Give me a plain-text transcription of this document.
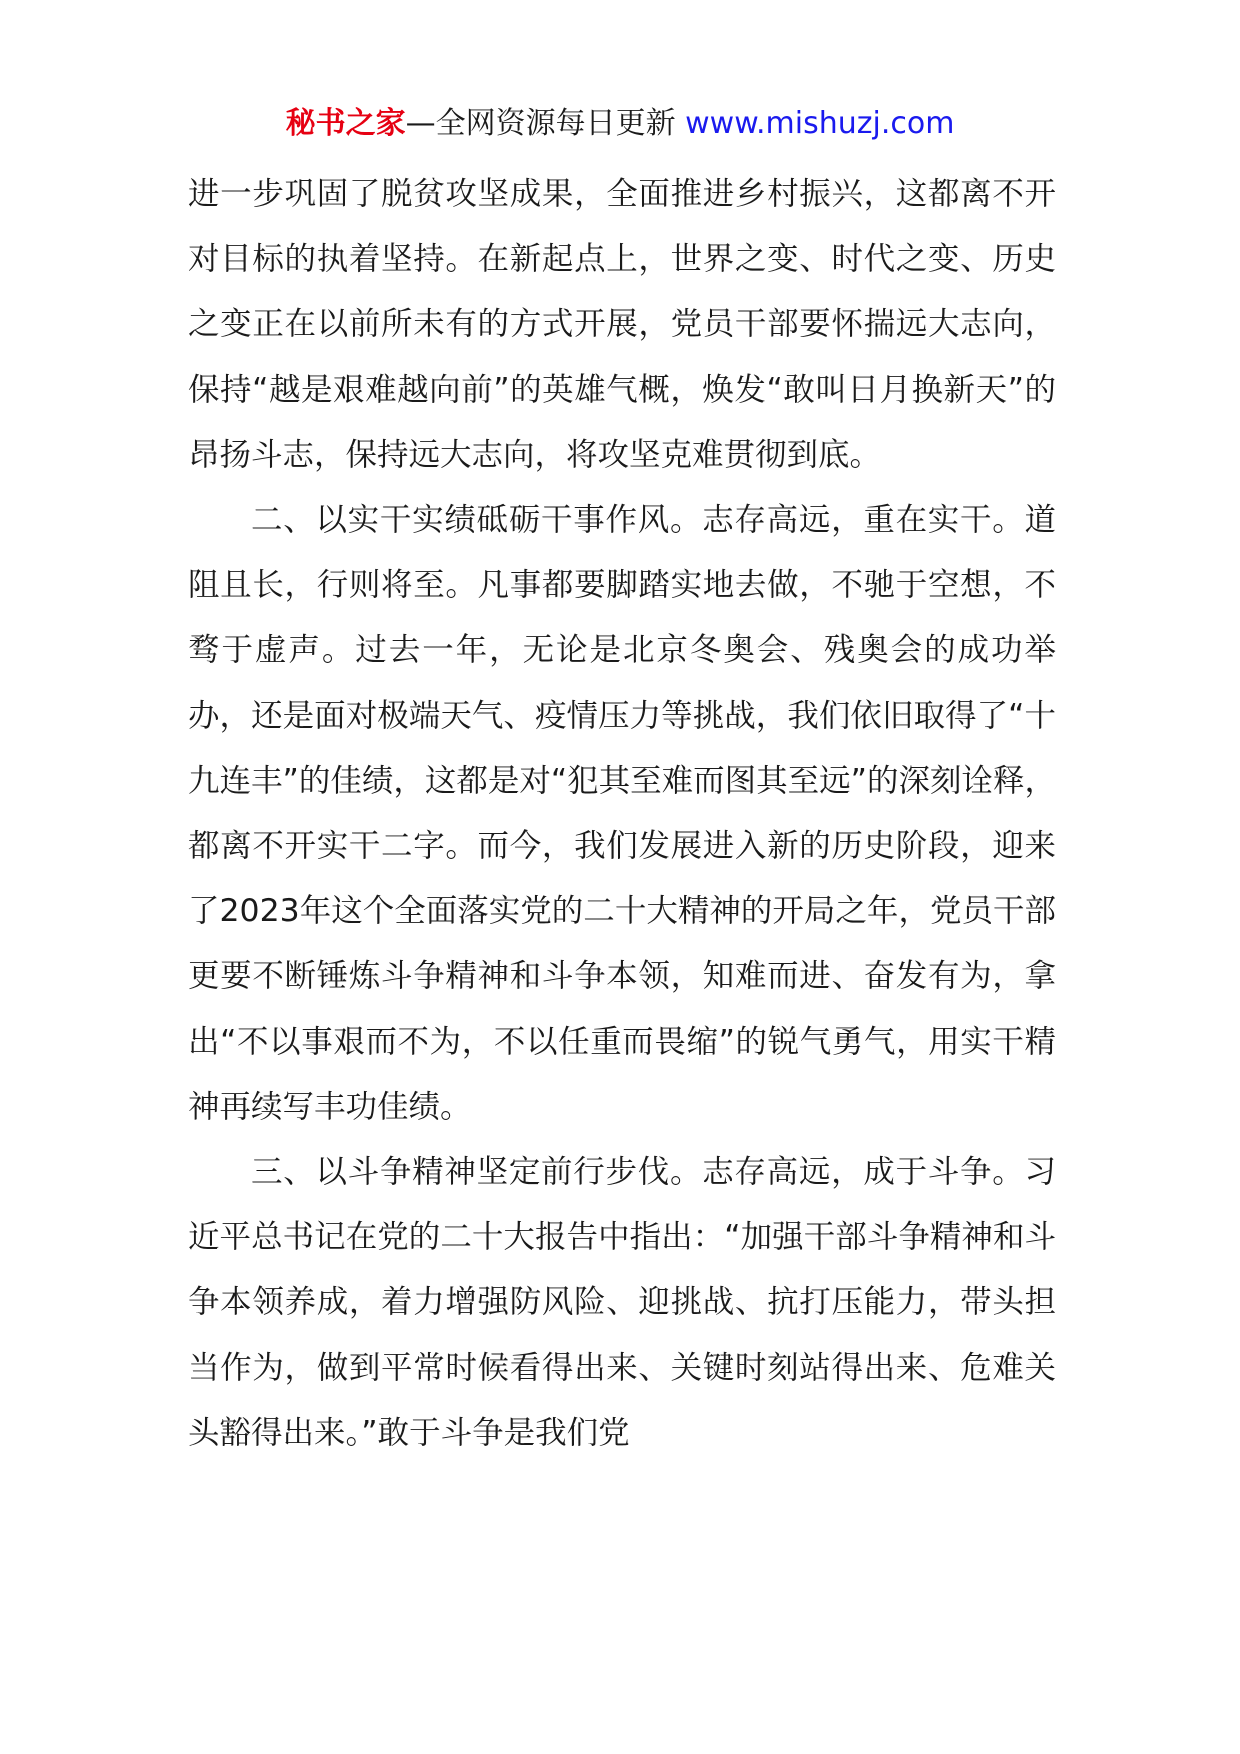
秘书之家—全网资源每日更新 www.mishuzj.com

进一步巩固了脱贫攻坚成果，全面推进乡村振兴，这都离不开对目标的执着坚持。在新起点上，世界之变、时代之变、历史之变正在以前所未有的方式开展，党员干部要怀揣远大志向，保持“越是艰难越向前”的英雄气概，焕发“敢叫日月换新天”的昂扬斗志，保持远大志向，将攻坚克难贯彻到底。

二、以实干实绩砥砺干事作风。志存高远，重在实干。道阻且长，行则将至。凡事都要脚踏实地去做，不驰于空想，不骛于虚声。过去一年，无论是北京冬奥会、残奥会的成功举办，还是面对极端天气、疫情压力等挑战，我们依旧取得了“十九连丰”的佳绩，这都是对“犯其至难而图其至远”的深刻诠释，都离不开实干二字。而今，我们发展进入新的历史阶段，迎来了2023年这个全面落实党的二十大精神的开局之年，党员干部更要不断锤炼斗争精神和斗争本领，知难而进、奋发有为，拿出“不以事艰而不为，不以任重而畏缩”的锐气勇气，用实干精神再续写丰功佳绩。

三、以斗争精神坚定前行步伐。志存高远，成于斗争。习近平总书记在党的二十大报告中指出：“加强干部斗争精神和斗争本领养成，着力增强防风险、迎挑战、抗打压能力，带头担当作为，做到平常时候看得出来、关键时刻站得出来、危难关头豁得出来。”敢于斗争是我们党
